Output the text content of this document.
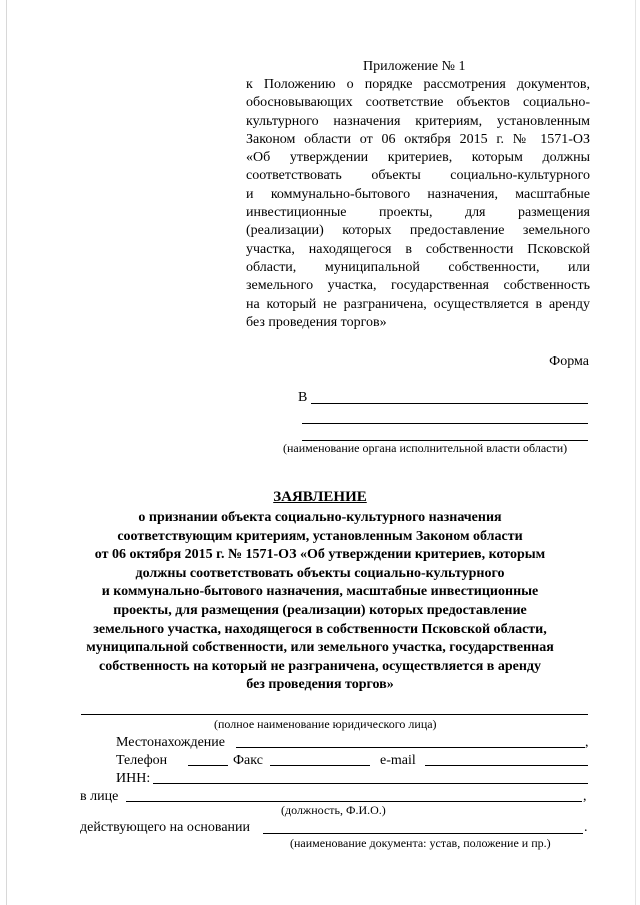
Приложение № 1
к Положению о порядке рассмотрения документов,
обосновывающих соответствие объектов социально-
культурного назначения критериям, установленным
Законом области от 06 октября 2015 г. № 1571-ОЗ
«Об утверждении критериев, которым должны
соответствовать объекты социально-культурного
и коммунально-бытового назначения, масштабные
инвестиционные проекты, для размещения
(реализации) которых предоставление земельного
участка, находящегося в собственности Псковской
области, муниципальной собственности, или
земельного участка, государственная собственность
на который не разграничена, осуществляется в аренду
без проведения торгов»
Форма
В
(наименование органа исполнительной власти области)
ЗАЯВЛЕНИЕ
о признании объекта социально-культурного назначения
соответствующим критериям, установленным Законом области
от 06 октября 2015 г. № 1571-ОЗ «Об утверждении критериев, которым
должны соответствовать объекты социально-культурного
и коммунально-бытового назначения, масштабные инвестиционные
проекты, для размещения (реализации) которых предоставление
земельного участка, находящегося в собственности Псковской области,
муниципальной собственности, или земельного участка, государственная
собственность на который не разграничена, осуществляется в аренду
без проведения торгов»
(полное наименование юридического лица)
Местонахождение	,
Телефон	Факс	e-mail
ИНН:
в лице	,
(должность, Ф.И.О.)
действующего на основании	.
(наименование документа: устав, положение и пр.)
